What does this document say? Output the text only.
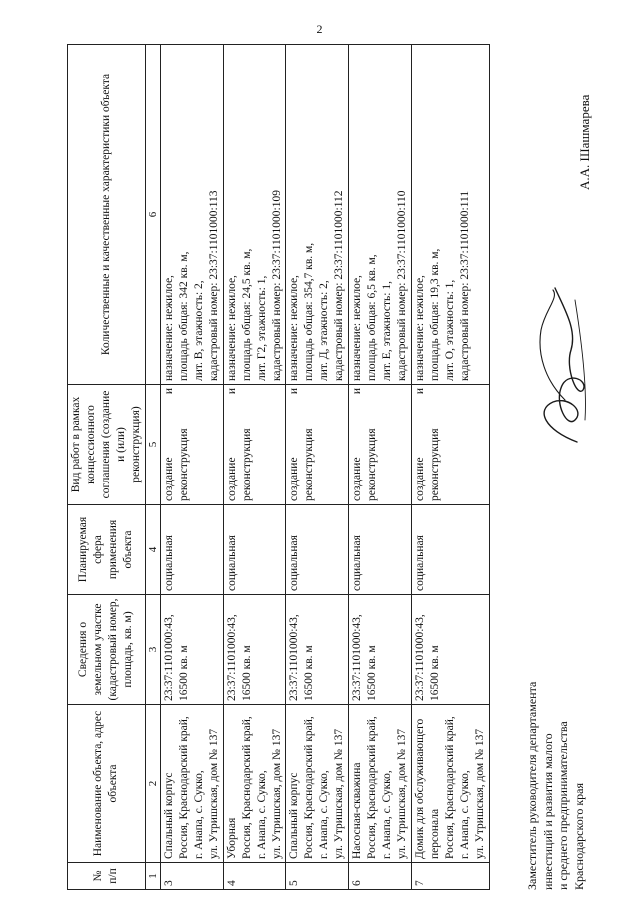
2
№ п/п	Наименование объекта, адрес объекта	Сведения о земельном участке (кадастровый номер, площадь, кв. м)	Планируемая сфера применения объекта	Вид работ в рамках концессионного соглашения (создание и (или) реконструкция)	Количественные и качественные характеристики объекта
1	2	3	4	5	6
3	Спальный корпус Россия, Краснодарский край, г. Анапа, с. Сукко, ул. Утришская, дом № 137	23:37:1101000:43, 16500 кв. м	социальная	создание
и
реконструкция	назначение: нежилое, площадь общая: 342 кв. м, лит. В, этажность: 2, кадастровый номер: 23:37:1101000:113

4	Уборная Россия, Краснодарский край, г. Анапа, с. Сукко, ул. Утришская, дом № 137	23:37:1101000:43, 16500 кв. м	социальная	создание
и
реконструкция	назначение: нежилое, площадь общая: 24,5 кв. м, лит. Г2, этажность: 1, кадастровый номер: 23:37:1101000:109

5	Спальный корпус Россия, Краснодарский край, г. Анапа, с. Сукко, ул. Утришская, дом № 137	23:37:1101000:43, 16500 кв. м	социальная	создание
и
реконструкция	назначение: нежилое, площадь общая: 354,7 кв. м, лит. Д, этажность: 2, кадастровый номер: 23:37:1101000:112

6	Насосная-скважина Россия, Краснодарский край, г. Анапа, с. Сукко, ул. Утришская, дом № 137	23:37:1101000:43, 16500 кв. м	социальная	создание
и
реконструкция	назначение: нежилое, площадь общая: 6,5 кв. м, лит. Е, этажность: 1, кадастровый номер: 23:37:1101000:110

7	Домик для обслуживающего персонала Россия, Краснодарский край, г. Анапа, с. Сукко, ул. Утришская, дом № 137	23:37:1101000:43, 16500 кв. м	социальная	создание
и
реконструкция	назначение: нежилое, площадь общая: 19,3 кв. м, лит. О, этажность: 1, кадастровый номер: 23:37:1101000:111
Заместитель руководителя департамента инвестиций и развития малого и среднего предпринимательства Краснодарского края
А.А. Шашмарева
